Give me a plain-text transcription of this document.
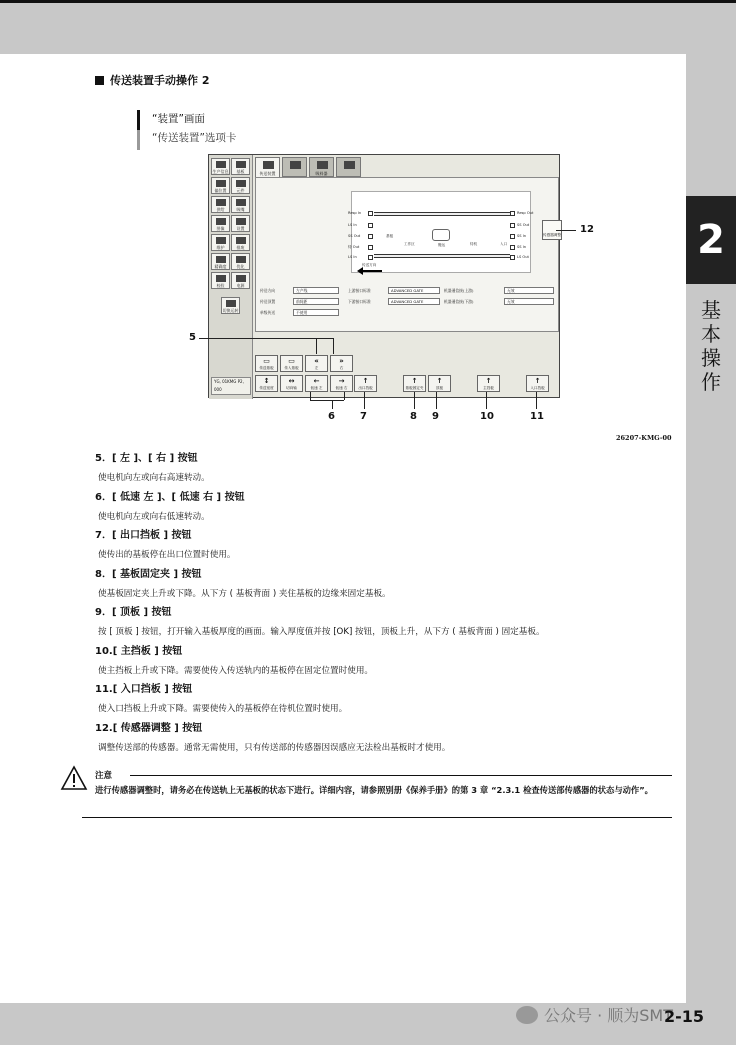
2
基
本
操
作
传送装置手动操作 2
“装置”画面
“传送装置”选项卡
生产信息	基板
偏位置	元件
供给	吸嘴
图像	设置
维护	排废
精确度	优化
校验	电源
切换运转
YG, 01KMG P2, 000
传送装置	吸料器
Resp In
LS In
SS Out
待 Out
LS In
Resp Out
SS Out
SS In
SS In
LS Out
基板
工作区	搬运	待机	入口
传送方向
传感器调整
传送方向	左产线
传送顶置	前间距
单级传送	不使用
上游接口标准	ADVANCED GATE
下游接口标准	ADVANCED GATE
机器通信接(上游)	无效
机器通信接(下游)	无效
▭
传送基板
▭
传入基板
«
左
»
右
↕
传送宽度
↔
切向轴
←
低速 左
→
低速 右
↑
出口挡板
↑
基板固定夹
↑
顶板
↑
主挡板
↑
入口挡板
5
6	7	8 9	10	11
12
26207-KMG-00
5．[ 左 ]、[ 右 ] 按钮
使电机向左或向右高速转动。
6．[ 低速 左 ]、[ 低速 右 ] 按钮
使电机向左或向右低速转动。
7．[ 出口挡板 ] 按钮
使传出的基板停在出口位置时使用。
8．[ 基板固定夹 ] 按钮
使基板固定夹上升或下降。从下方 ( 基板背面 ) 夹住基板的边缘来固定基板。
9．[ 顶板 ] 按钮
按 [ 顶板 ] 按钮，打开输入基板厚度的画面。输入厚度值并按 [OK] 按钮，顶板上升，从下方 ( 基板背面 ) 固定基板。
10.[ 主挡板 ] 按钮
使主挡板上升或下降。需要使传入传送轨内的基板停在固定位置时使用。
11.[ 入口挡板 ] 按钮
使入口挡板上升或下降。需要使传入的基板停在待机位置时使用。
12.[ 传感器调整 ] 按钮
调整传送部的传感器。通常无需使用，只有传送部的传感器因误感应无法检出基板时才使用。
注意
进行传感器调整时，请务必在传送轨上无基板的状态下进行。详细内容，请参照别册《保养手册》的第 3 章 “2.3.1 检查传送部传感器的状态与动作”。
公众号 · 顺为SMT
2-15
